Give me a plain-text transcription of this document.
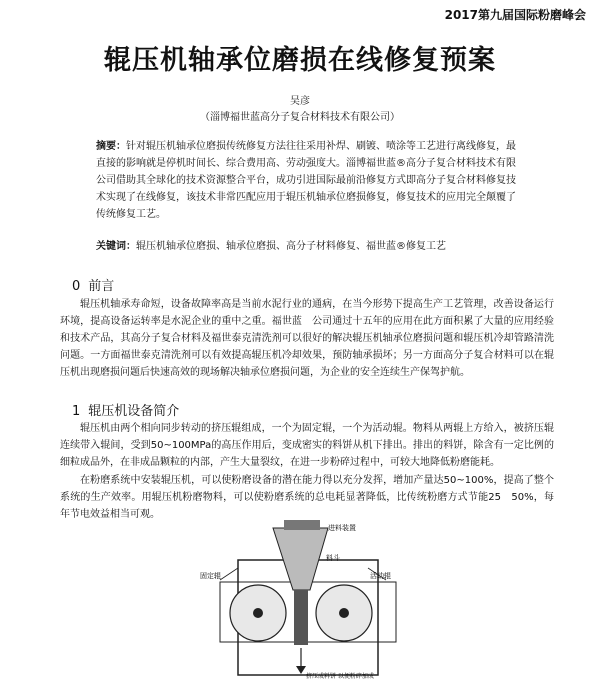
2017第九届国际粉磨峰会
辊压机轴承位磨损在线修复预案
吴彦
（淄博福世蓝高分子复合材料技术有限公司）
摘要：针对辊压机轴承位磨损传统修复方法往往采用补焊、刷镀、喷涂等工艺进行离线修复，最直接的影响就是停机时间长、综合费用高、劳动强度大。淄博福世蓝®高分子复合材料技术有限公司借助其全球化的技术资源整合平台，成功引进国际最前沿修复方式即高分子复合材料修复技术实现了在线修复，该技术非常匹配应用于辊压机轴承位磨损修复，修复技术的应用完全颠覆了传统修复工艺。
关键词：辊压机轴承位磨损、轴承位磨损、高分子材料修复、福世蓝®修复工艺
0 前言
辊压机轴承寿命短，设备故障率高是当前水泥行业的通病，在当今形势下提高生产工艺管理，改善设备运行环境，提高设备运转率是水泥企业的重中之重。福世蓝　公司通过十五年的应用在此方面积累了大量的应用经验和技术产品，其高分子复合材料及福世泰克清洗剂可以很好的解决辊压机轴承位磨损问题和辊压机冷却管路清洗问题。一方面福世泰克清洗剂可以有效提高辊压机冷却效果，预防轴承损坏；另一方面高分子复合材料可以在辊压机出现磨损问题后快速高效的现场解决轴承位磨损问题，为企业的安全连续生产保驾护航。
1 辊压机设备简介
辊压机由两个相向同步转动的挤压辊组成，一个为固定辊，一个为活动辊。物料从两辊上方给入，被挤压辊连续带入辊间，受到50~100MPa的高压作用后，变成密实的料饼从机下排出。排出的料饼，除含有一定比例的细粒成品外，在非成品颗粒的内部，产生大量裂纹，在进一步粉碎过程中，可较大地降低粉磨能耗。
在粉磨系统中安装辊压机，可以使粉磨设备的潜在能力得以充分发挥，增加产量达50~100%，提高了整个系统的生产效率。用辊压机粉磨物料，可以使粉磨系统的总电耗显著降低，比传统粉磨方式节能25　50%，每年节电效益相当可观。
进料装置
固定辊
料斗
活动辊
挤压成料饼 以便粉碎加成
